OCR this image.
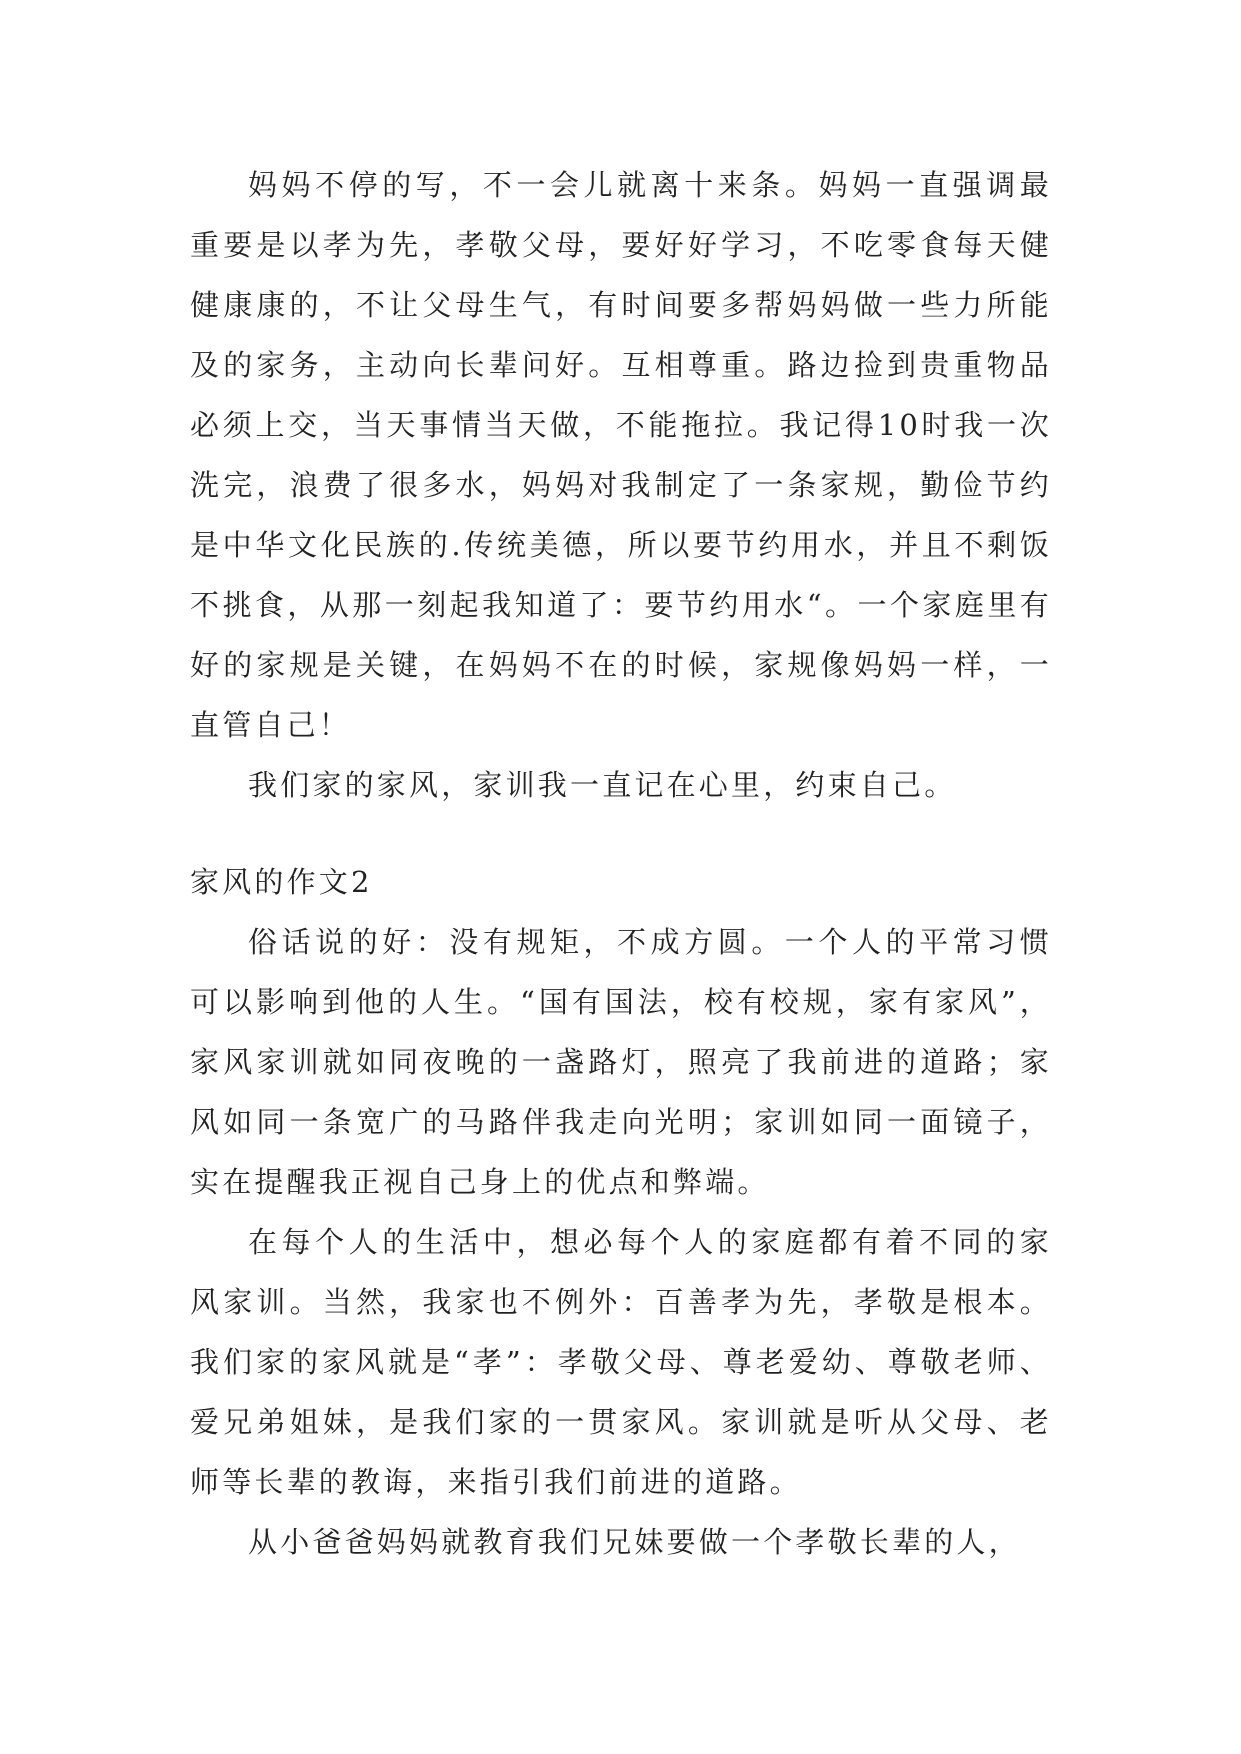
妈妈不停的写，不一会儿就离十来条。妈妈一直强调最重要是以孝为先，孝敬父母，要好好学习，不吃零食每天健健康康的，不让父母生气，有时间要多帮妈妈做一些力所能及的家务，主动向长辈问好。互相尊重。路边捡到贵重物品必须上交，当天事情当天做，不能拖拉。我记得10时我一次洗完，浪费了很多水，妈妈对我制定了一条家规，勤俭节约是中华文化民族的.传统美德，所以要节约用水，并且不剩饭不挑食，从那一刻起我知道了：要节约用水“。一个家庭里有好的家规是关键，在妈妈不在的时候，家规像妈妈一样，一直管自己！

我们家的家风，家训我一直记在心里，约束自己。

家风的作文2

俗话说的好：没有规矩，不成方圆。一个人的平常习惯可以影响到他的人生。“国有国法，校有校规，家有家风”，家风家训就如同夜晚的一盏路灯，照亮了我前进的道路；家风如同一条宽广的马路伴我走向光明；家训如同一面镜子，实在提醒我正视自己身上的优点和弊端。

在每个人的生活中，想必每个人的家庭都有着不同的家风家训。当然，我家也不例外：百善孝为先，孝敬是根本。我们家的家风就是“孝”：孝敬父母、尊老爱幼、尊敬老师、爱兄弟姐妹，是我们家的一贯家风。家训就是听从父母、老师等长辈的教诲，来指引我们前进的道路。

从小爸爸妈妈就教育我们兄妹要做一个孝敬长辈的人，
